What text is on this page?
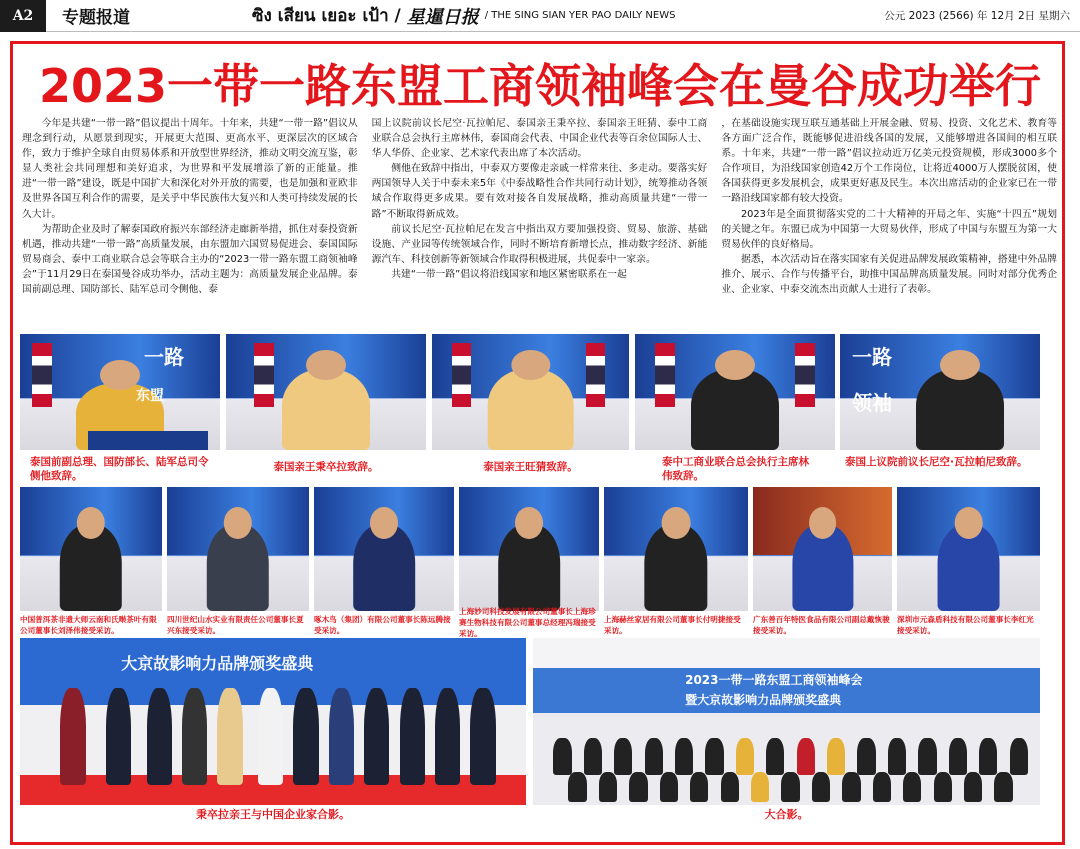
A2	专题报道	ซิง เสียน เยอะ เป้า / 星暹日报 / THE SING SIAN YER PAO DAILY NEWS	公元 2023 (2566) 年 12月 2日 星期六
2023一带一路东盟工商领袖峰会在曼谷成功举行

今年是共建“一带一路”倡议提出十周年。十年来，共建“一带一路”倡议从理念到行动，从愿景到现实，开展更大范围、更高水平、更深层次的区域合作，致力于维护全球自由贸易体系和开放型世界经济，推动文明交流互鉴，彰显人类社会共同理想和美好追求，为世界和平发展增添了新的正能量。推进“一带一路”建设，既是中国扩大和深化对外开放的需要，也是加强和亚欧非及世界各国互利合作的需要，是关乎中华民族伟大复兴和人类可持续发展的长久大计。

为帮助企业及时了解泰国政府振兴东部经济走廊新举措，抓住对泰投资新机遇，推动共建“一带一路”高质量发展，由东盟加六国贸易促进会、泰国国际贸易商会、泰中工商业联合总会等联合主办的“2023一带一路东盟工商领袖峰会”于11月29日在泰国曼谷成功举办，活动主题为：高质量发展企业品牌。泰国前副总理、国防部长、陆军总司令侧他、泰

国上议院前议长尼空·瓦拉帕尼、泰国亲王秉卒拉、泰国亲王旺猜、泰中工商业联合总会执行主席林伟，泰国商会代表、中国企业代表等百余位国际人士、华人华侨、企业家、艺术家代表出席了本次活动。

侧他在致辞中指出，中泰双方要像走亲戚一样常来往、多走动。要落实好两国领导人关于中泰未来5年《中泰战略性合作共同行动计划》，统筹推动各领域合作取得更多成果。要有效对接各自发展战略，推动高质量共建“一带一路”不断取得新成效。

前议长尼空·瓦拉帕尼在发言中指出双方要加强投资、贸易、旅游、基础设施、产业园等传统领域合作，同时不断培育新增长点，推动数字经济、新能源汽车、科技创新等新领域合作取得积极进展，共促泰中一家亲。

共建“一带一路”倡议将沿线国家和地区紧密联系在一起

，在基础设施实现互联互通基础上开展金融、贸易、投资、文化艺术、教育等各方面广泛合作，既能够促进沿线各国的发展，又能够增进各国间的相互联系。十年来，共建“一带一路”倡议拉动近万亿美元投资规模，形成3000多个合作项目，为沿线国家创造42万个工作岗位，让将近4000万人摆脱贫困，使各国获得更多发展机会，成果更好惠及民生。本次出席活动的企业家已在一带一路沿线国家都有较大投资。

2023年是全面贯彻落实党的二十大精神的开局之年、实施“十四五”规划的关键之年。东盟已成为中国第一大贸易伙伴，形成了中国与东盟互为第一大贸易伙伴的良好格局。

据悉，本次活动旨在落实国家有关促进品牌发展政策精神，搭建中外品牌推介、展示、合作与传播平台，助推中国品牌高质量发展。同时对部分优秀企业、企业家、中泰交流杰出贡献人士进行了表彰。

一路
东盟
一路
领袖
泰国前副总理、国防部长、陆军总司令侧他致辞。
泰国亲王秉卒拉致辞。	泰国亲王旺猜致辞。	泰中工商业联合总会执行主席林伟致辞。
泰国上议院前议长尼空·瓦拉帕尼致辞。
中国普洱茶非遗大师云南和氏啭茶叶有限公司董事长刘泽伟接受采访。
四川世纪山水实业有限责任公司董事长夏兴东接受采访。
啄木鸟（集团）有限公司董事长陈远腾接受采访。
上海妙司科技发展有限公司董事长上海珍赛生物科技有限公司董事总经理冯瑞接受采访。
上海赫丝家居有限公司董事长付明捷接受采访。
广东善百年特医食品有限公司副总戴恢骏接受采访。
深圳市元森盾科技有限公司董事长李红光接受采访。
大京故影响力品牌颁奖盛典
2023一带一路东盟工商领袖峰会
暨大京故影响力品牌颁奖盛典
秉卒拉亲王与中国企业家合影。	大合影。
